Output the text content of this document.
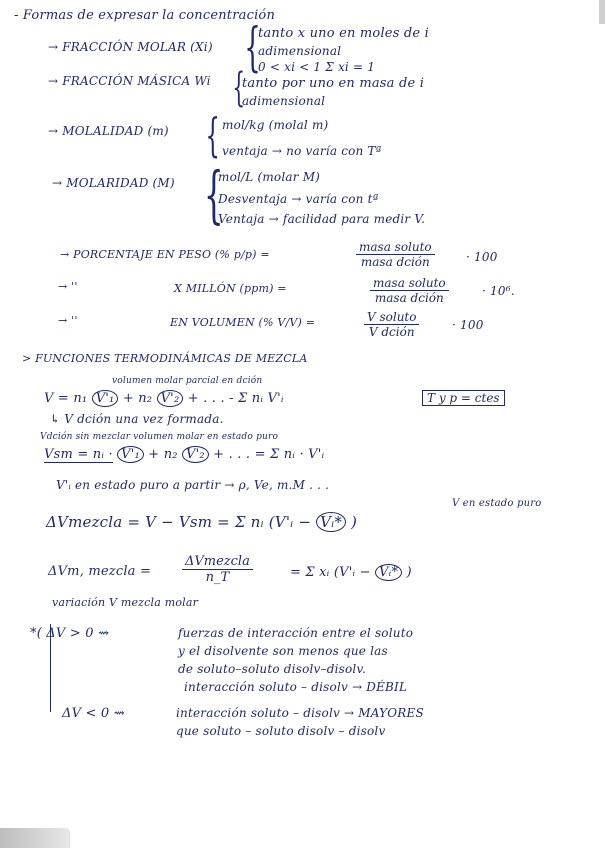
- Formas de expresar la concentración
→ FRACCIÓN MOLAR (Xi) {
tanto x uno en moles de i
adimensional
0 < xi < 1 Σ xi = 1
→ FRACCIÓN MÁSICA Wi {
tanto por uno en masa de i
adimensional
→ MOLALIDAD (m) { mol/kg (molal m)
ventaja → no varía con Tª
→ MOLARIDAD (M) {
mol/L (molar M)
Desventaja → varía con tª
Ventaja → facilidad para medir V.
→ PORCENTAJE EN PESO (% p/p) =
masa soluto
masa dción	· 100
→ ''	X MILLÓN (ppm) =	masa soluto
masa dción	· 10⁶.
→ ''	EN VOLUMEN (% V/V) =	V soluto
V dción	· 100
> FUNCIONES TERMODINÁMICAS DE MEZCLA
volumen molar parcial en dción
V = n₁ V'₁ + n₂ V'₂ + . . . - Σ nᵢ V'ᵢ	T y p = ctes
↳ V dción una vez formada.
Vdción sin mezclar volumen molar en estado puro
Vsm = nᵢ · V'₁ + n₂ V'₂ + . . . = Σ nᵢ · V'ᵢ
V'ᵢ en estado puro a partir → ρ, Ve, m.M . . .
V en estado puro
ΔVmezcla = V − Vsm = Σ nᵢ (V'ᵢ − Vᵢ* )
ΔVm, mezcla =
ΔVmezcla
n_T	= Σ xᵢ (V'ᵢ − Vᵢ* )
variación V mezcla molar
*( ΔV > 0 ⇝	fuerzas de interacción entre el soluto
y el disolvente son menos que las
de soluto–soluto disolv–disolv.
interacción soluto – disolv → DÉBIL
ΔV < 0 ⇝	interacción soluto – disolv → MAYORES
que soluto – soluto disolv – disolv
